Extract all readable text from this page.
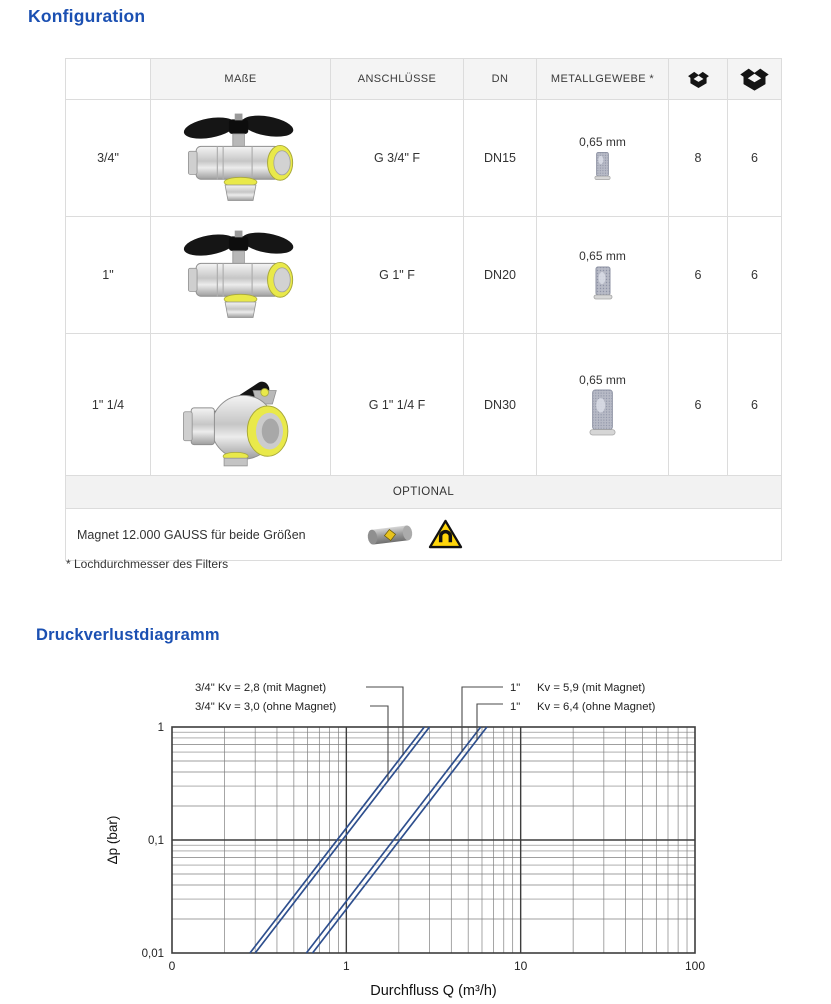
Konfiguration
	MAßE	ANSCHLÜSSE	DN	METALLGEWEBE *	

3/4"		G 3/4" F	DN15	0,65 mm	8	6
1"		G 1" F	DN20	0,65 mm	6	6
1" 1/4		G 1" 1/4 F	DN30	0,65 mm	6	6
OPTIONAL						

Magnet 12.000 GAUSS für beide Größen						
* Lochdurchmesser des Filters
Druckverlustdiagramm
3/4" Kv = 2,8 (mit Magnet)
3/4" Kv = 3,0 (ohne Magnet)
1" Kv = 5,9 (mit Magnet)
1" Kv = 6,4 (ohne Magnet)
0	1	10	100
1
0,1
0,01
Durchfluss Q (m³/h)
Δp (bar)
